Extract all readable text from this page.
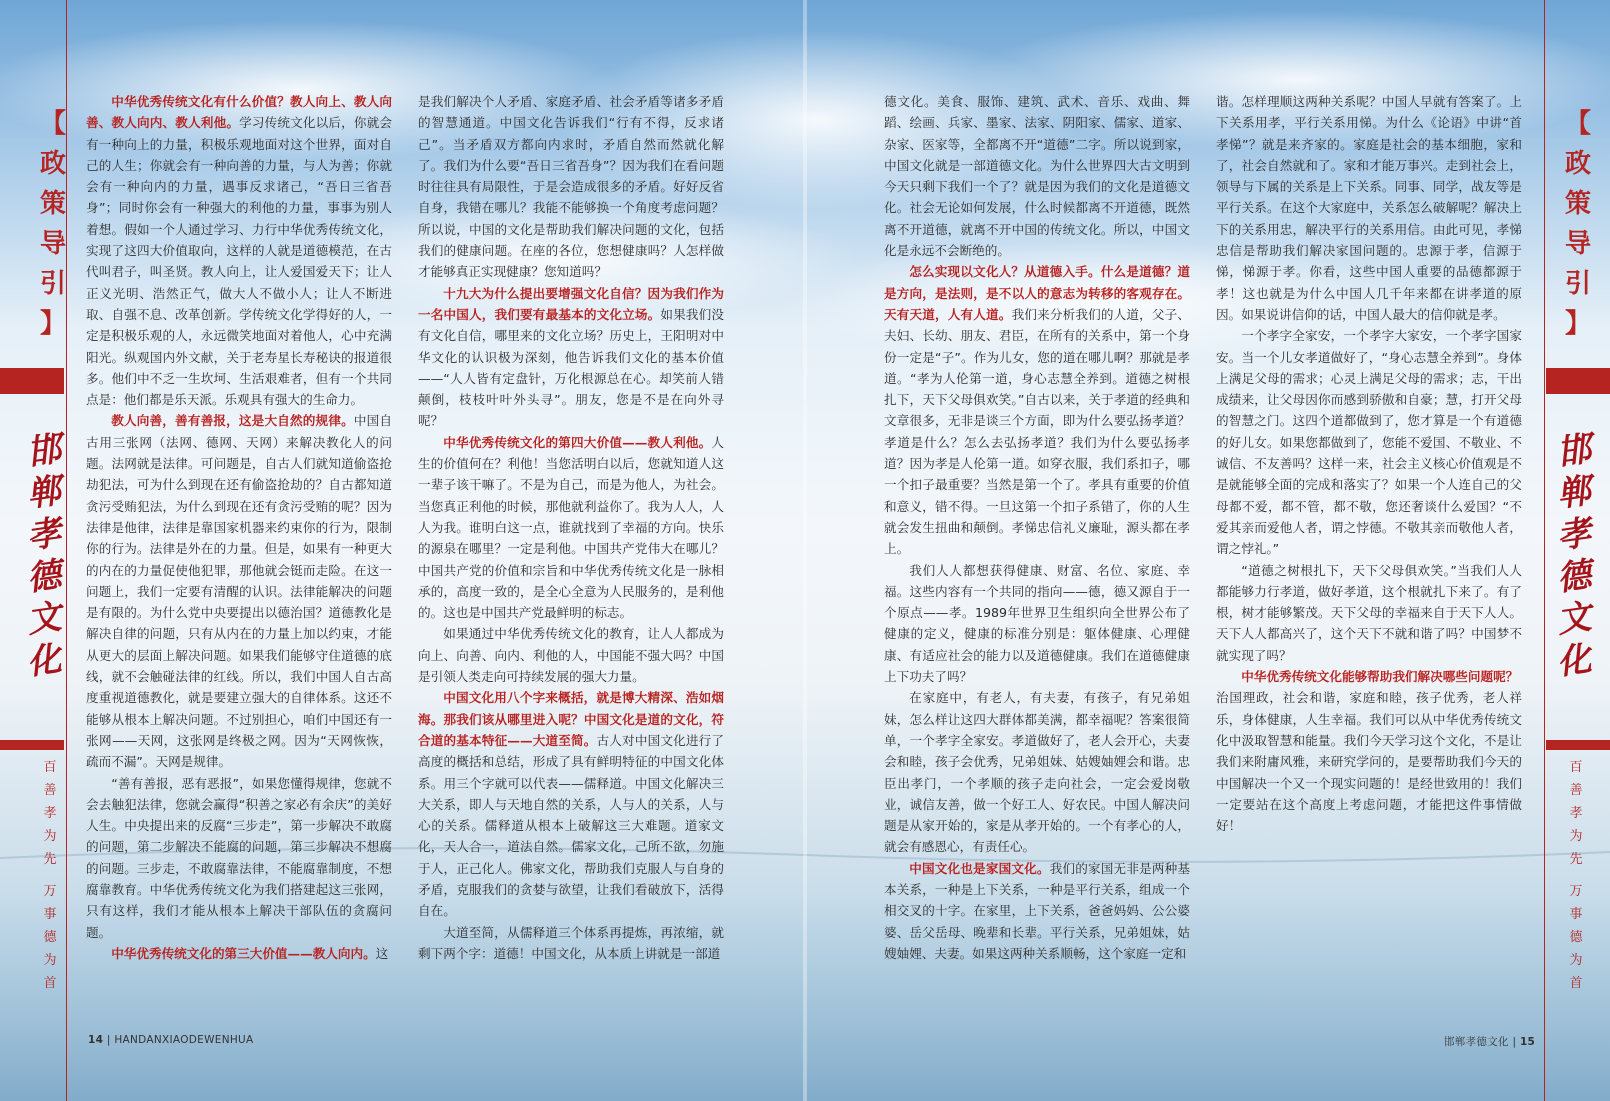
【
政
策
导
引
】
邯
郸
孝
德
文
化
百
善
孝
为
先
万
事
德
为
首
【
政
策
导
引
】
邯
郸
孝
德
文
化
百
善
孝
为
先
万
事
德
为
首

中华优秀传统文化有什么价值？教人向上、教人向善、教人向内、教人利他。学习传统文化以后，你就会有一种向上的力量，积极乐观地面对这个世界，面对自己的人生；你就会有一种向善的力量，与人为善；你就会有一种向内的力量，遇事反求诸己，“吾日三省吾身”；同时你会有一种强大的利他的力量，事事为别人着想。假如一个人通过学习、力行中华优秀传统文化，实现了这四大价值取向，这样的人就是道德模范，在古代叫君子，叫圣贤。教人向上，让人爱国爱天下；让人正义光明、浩然正气，做大人不做小人；让人不断进取、自强不息、改革创新。学传统文化学得好的人，一定是积极乐观的人，永远微笑地面对着他人，心中充满阳光。纵观国内外文献，关于老寿星长寿秘诀的报道很多。他们中不乏一生坎坷、生活艰难者，但有一个共同点是：他们都是乐天派。乐观具有强大的生命力。

教人向善，善有善报，这是大自然的规律。中国自古用三张网（法网、德网、天网）来解决教化人的问题。法网就是法律。可问题是，自古人们就知道偷盗抢劫犯法，可为什么到现在还有偷盗抢劫的？自古都知道贪污受贿犯法，为什么到现在还有贪污受贿的呢？因为法律是他律，法律是靠国家机器来约束你的行为，限制你的行为。法律是外在的力量。但是，如果有一种更大的内在的力量促使他犯罪，那他就会铤而走险。在这一问题上，我们一定要有清醒的认识。法律能解决的问题是有限的。为什么党中央要提出以德治国？道德教化是解决自律的问题，只有从内在的力量上加以约束，才能从更大的层面上解决问题。如果我们能够守住道德的底线，就不会触碰法律的红线。所以，我们中国人自古高度重视道德教化，就是要建立强大的自律体系。这还不能够从根本上解决问题。不过别担心，咱们中国还有一张网——天网，这张网是终极之网。因为“天网恢恢，疏而不漏”。天网是规律。

“善有善报，恶有恶报”，如果您懂得规律，您就不会去触犯法律，您就会赢得“积善之家必有余庆”的美好人生。中央提出来的反腐“三步走”，第一步解决不敢腐的问题，第二步解决不能腐的问题，第三步解决不想腐的问题。三步走，不敢腐靠法律，不能腐靠制度，不想腐靠教育。中华优秀传统文化为我们搭建起这三张网，只有这样，我们才能从根本上解决干部队伍的贪腐问题。

中华优秀传统文化的第三大价值——教人向内。这

是我们解决个人矛盾、家庭矛盾、社会矛盾等诸多矛盾的智慧通道。中国文化告诉我们“行有不得，反求诸己”。当矛盾双方都向内求时，矛盾自然而然就化解了。我们为什么要“吾日三省吾身”？因为我们在看问题时往往具有局限性，于是会造成很多的矛盾。好好反省自身，我错在哪儿？我能不能够换一个角度考虑问题？所以说，中国的文化是帮助我们解决问题的文化，包括我们的健康问题。在座的各位，您想健康吗？人怎样做才能够真正实现健康？您知道吗？

十九大为什么提出要增强文化自信？因为我们作为一名中国人，我们要有最基本的文化立场。如果我们没有文化自信，哪里来的文化立场？历史上，王阳明对中华文化的认识极为深刻，他告诉我们文化的基本价值——“人人皆有定盘针，万化根源总在心。却笑前人错颠倒，枝枝叶叶外头寻”。朋友，您是不是在向外寻呢？

中华优秀传统文化的第四大价值——教人利他。人生的价值何在？利他！当您活明白以后，您就知道人这一辈子该干嘛了。不是为自己，而是为他人，为社会。当您真正利他的时候，那他就利益你了。我为人人，人人为我。谁明白这一点，谁就找到了幸福的方向。快乐的源泉在哪里？一定是利他。中国共产党伟大在哪儿？中国共产党的价值和宗旨和中华优秀传统文化是一脉相承的，高度一致的，是全心全意为人民服务的，是利他的。这也是中国共产党最鲜明的标志。

如果通过中华优秀传统文化的教育，让人人都成为向上、向善、向内、利他的人，中国能不强大吗？中国是引领人类走向可持续发展的强大力量。

中国文化用八个字来概括，就是博大精深、浩如烟海。那我们该从哪里进入呢？中国文化是道的文化，符合道的基本特征——大道至简。古人对中国文化进行了高度的概括和总结，形成了具有鲜明特征的中国文化体系。用三个字就可以代表——儒释道。中国文化解决三大关系，即人与天地自然的关系，人与人的关系，人与心的关系。儒释道从根本上破解这三大难题。道家文化，天人合一，道法自然。儒家文化，己所不欲，勿施于人，正己化人。佛家文化，帮助我们克服人与自身的矛盾，克服我们的贪婪与欲望，让我们看破放下，活得自在。

大道至简，从儒释道三个体系再提炼，再浓缩，就剩下两个字：道德！中国文化，从本质上讲就是一部道

德文化。美食、服饰、建筑、武术、音乐、戏曲、舞蹈、绘画、兵家、墨家、法家、阴阳家、儒家、道家、杂家、医家等，全都离不开“道德”二字。所以说到家，中国文化就是一部道德文化。为什么世界四大古文明到今天只剩下我们一个了？就是因为我们的文化是道德文化。社会无论如何发展，什么时候都离不开道德，既然离不开道德，就离不开中国的传统文化。所以，中国文化是永远不会断绝的。

怎么实现以文化人？从道德入手。什么是道德？道是方向，是法则，是不以人的意志为转移的客观存在。天有天道，人有人道。我们来分析我们的人道，父子、夫妇、长幼、朋友、君臣，在所有的关系中，第一个身份一定是“子”。作为儿女，您的道在哪儿啊？那就是孝道。“孝为人伦第一道，身心志慧全养到。道德之树根扎下，天下父母俱欢笑。”自古以来，关于孝道的经典和文章很多，无非是谈三个方面，即为什么要弘扬孝道？孝道是什么？怎么去弘扬孝道？我们为什么要弘扬孝道？因为孝是人伦第一道。如穿衣服，我们系扣子，哪一个扣子最重要？当然是第一个了。孝具有重要的价值和意义，错不得。一旦这第一个扣子系错了，你的人生就会发生扭曲和颠倒。孝悌忠信礼义廉耻，源头都在孝上。

我们人人都想获得健康、财富、名位、家庭、幸福。这些内容有一个共同的指向——德，德又源自于一个原点——孝。1989年世界卫生组织向全世界公布了健康的定义，健康的标准分别是：躯体健康、心理健康、有适应社会的能力以及道德健康。我们在道德健康上下功夫了吗？

在家庭中，有老人，有夫妻，有孩子，有兄弟姐妹，怎么样让这四大群体都美满，都幸福呢？答案很简单，一个孝字全家安。孝道做好了，老人会开心，夫妻会和睦，孩子会优秀，兄弟姐妹、姑嫂妯娌会和谐。忠臣出孝门，一个孝顺的孩子走向社会，一定会爱岗敬业，诚信友善，做一个好工人、好农民。中国人解决问题是从家开始的，家是从孝开始的。一个有孝心的人，就会有感恩心，有责任心。

中国文化也是家国文化。我们的家国无非是两种基本关系，一种是上下关系，一种是平行关系，组成一个相交叉的十字。在家里，上下关系，爸爸妈妈、公公婆婆、岳父岳母、晚辈和长辈。平行关系，兄弟姐妹，姑嫂妯娌、夫妻。如果这两种关系顺畅，这个家庭一定和

谐。怎样理顺这两种关系呢？中国人早就有答案了。上下关系用孝，平行关系用悌。为什么《论语》中讲“首孝悌”？就是来齐家的。家庭是社会的基本细胞，家和了，社会自然就和了。家和才能万事兴。走到社会上，领导与下属的关系是上下关系。同事、同学，战友等是平行关系。在这个大家庭中，关系怎么破解呢？解决上下的关系用忠，解决平行的关系用信。由此可见，孝悌忠信是帮助我们解决家国问题的。忠源于孝，信源于悌，悌源于孝。你看，这些中国人重要的品德都源于孝！这也就是为什么中国人几千年来都在讲孝道的原因。如果说讲信仰的话，中国人最大的信仰就是孝。

一个孝字全家安，一个孝字大家安，一个孝字国家安。当一个儿女孝道做好了，“身心志慧全养到”。身体上满足父母的需求；心灵上满足父母的需求；志，干出成绩来，让父母因你而感到骄傲和自豪；慧，打开父母的智慧之门。这四个道都做到了，您才算是一个有道德的好儿女。如果您都做到了，您能不爱国、不敬业、不诚信、不友善吗？这样一来，社会主义核心价值观是不是就能够全面的完成和落实了？如果一个人连自己的父母都不爱，都不管，都不敬，您还奢谈什么爱国？“不爱其亲而爱他人者，谓之悖德。不敬其亲而敬他人者，谓之悖礼。”

“道德之树根扎下，天下父母俱欢笑。”当我们人人都能够力行孝道，做好孝道，这个根就扎下来了。有了根，树才能够繁茂。天下父母的幸福来自于天下人人。天下人人都高兴了，这个天下不就和谐了吗？中国梦不就实现了吗？

中华优秀传统文化能够帮助我们解决哪些问题呢？

治国理政，社会和谐，家庭和睦，孩子优秀，老人祥乐，身体健康，人生幸福。我们可以从中华优秀传统文化中汲取智慧和能量。我们今天学习这个文化，不是让我们来附庸风雅，来研究学问的，是要帮助我们今天的中国解决一个又一个现实问题的！是经世致用的！我们一定要站在这个高度上考虑问题，才能把这件事情做好！

14 | HANDANXIAODEWENHUA	邯郸孝德文化 | 15
